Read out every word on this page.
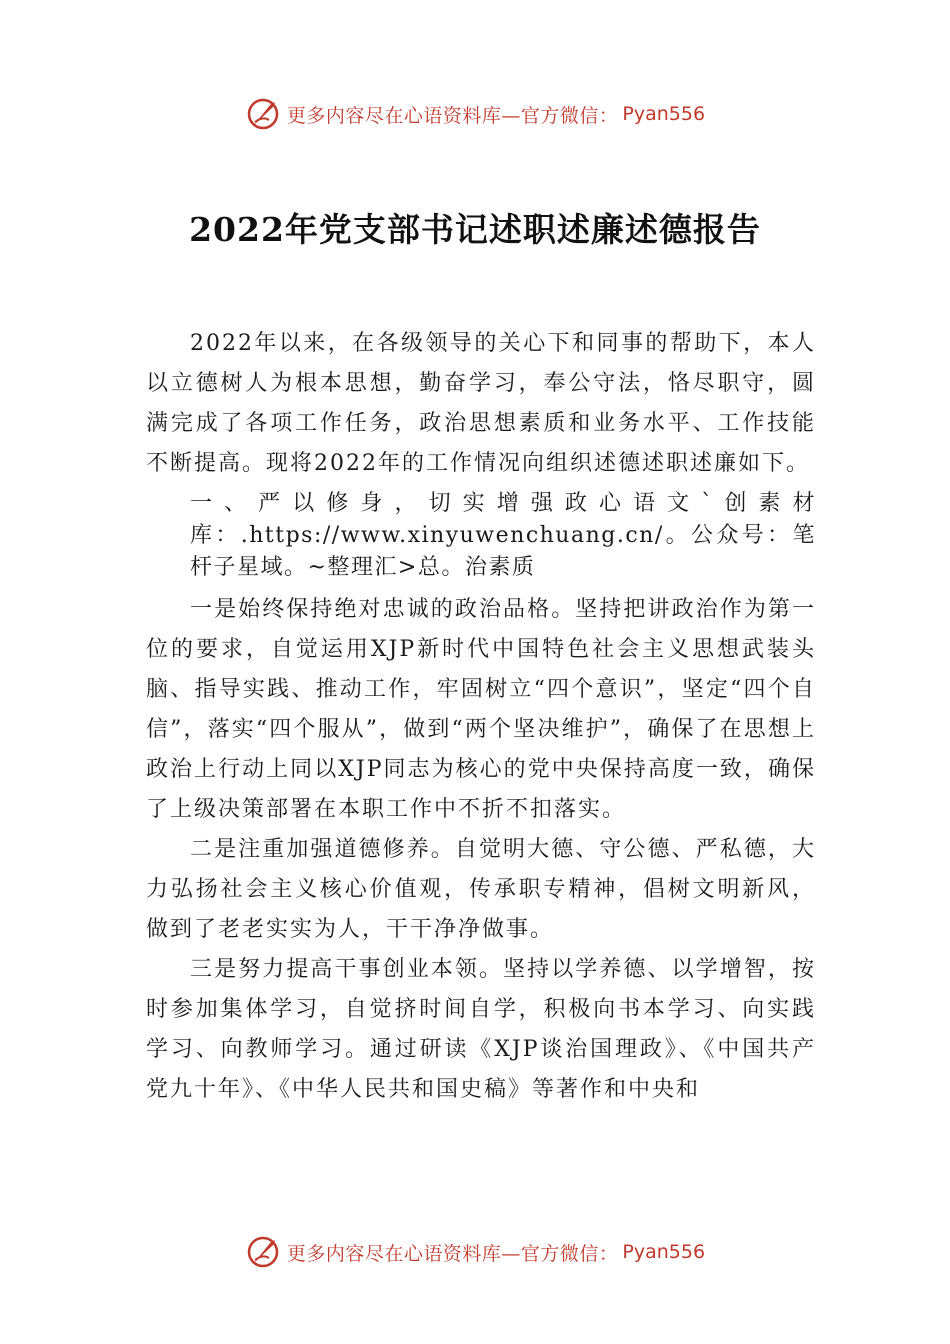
更多内容尽在心语资料库—官方微信： Pyan556
2022年党支部书记述职述廉述德报告

2022年以来，在各级领导的关心下和同事的帮助下，本人以立德树人为根本思想，勤奋学习，奉公守法，恪尽职守，圆满完成了各项工作任务，政治思想素质和业务水平、工作技能不断提高。现将2022年的工作情况向组织述德述职述廉如下。

一、严以修身，切实增强政心语文`创素材库：.https://www.xinyuwenchuang.cn/。公众号：笔杆子星域。~整理汇>总。治素质

一是始终保持绝对忠诚的政治品格。坚持把讲政治作为第一位的要求，自觉运用XJP新时代中国特色社会主义思想武装头脑、指导实践、推动工作，牢固树立“四个意识”，坚定“四个自信”，落实“四个服从”，做到“两个坚决维护”，确保了在思想上政治上行动上同以XJP同志为核心的党中央保持高度一致，确保了上级决策部署在本职工作中不折不扣落实。

二是注重加强道德修养。自觉明大德、守公德、严私德，大力弘扬社会主义核心价值观，传承职专精神，倡树文明新风，做到了老老实实为人，干干净净做事。

三是努力提高干事创业本领。坚持以学养德、以学增智，按时参加集体学习，自觉挤时间自学，积极向书本学习、向实践学习、向教师学习。通过研读《XJP谈治国理政》、《中国共产党九十年》、《中华人民共和国史稿》等著作和中央和

更多内容尽在心语资料库—官方微信： Pyan556
